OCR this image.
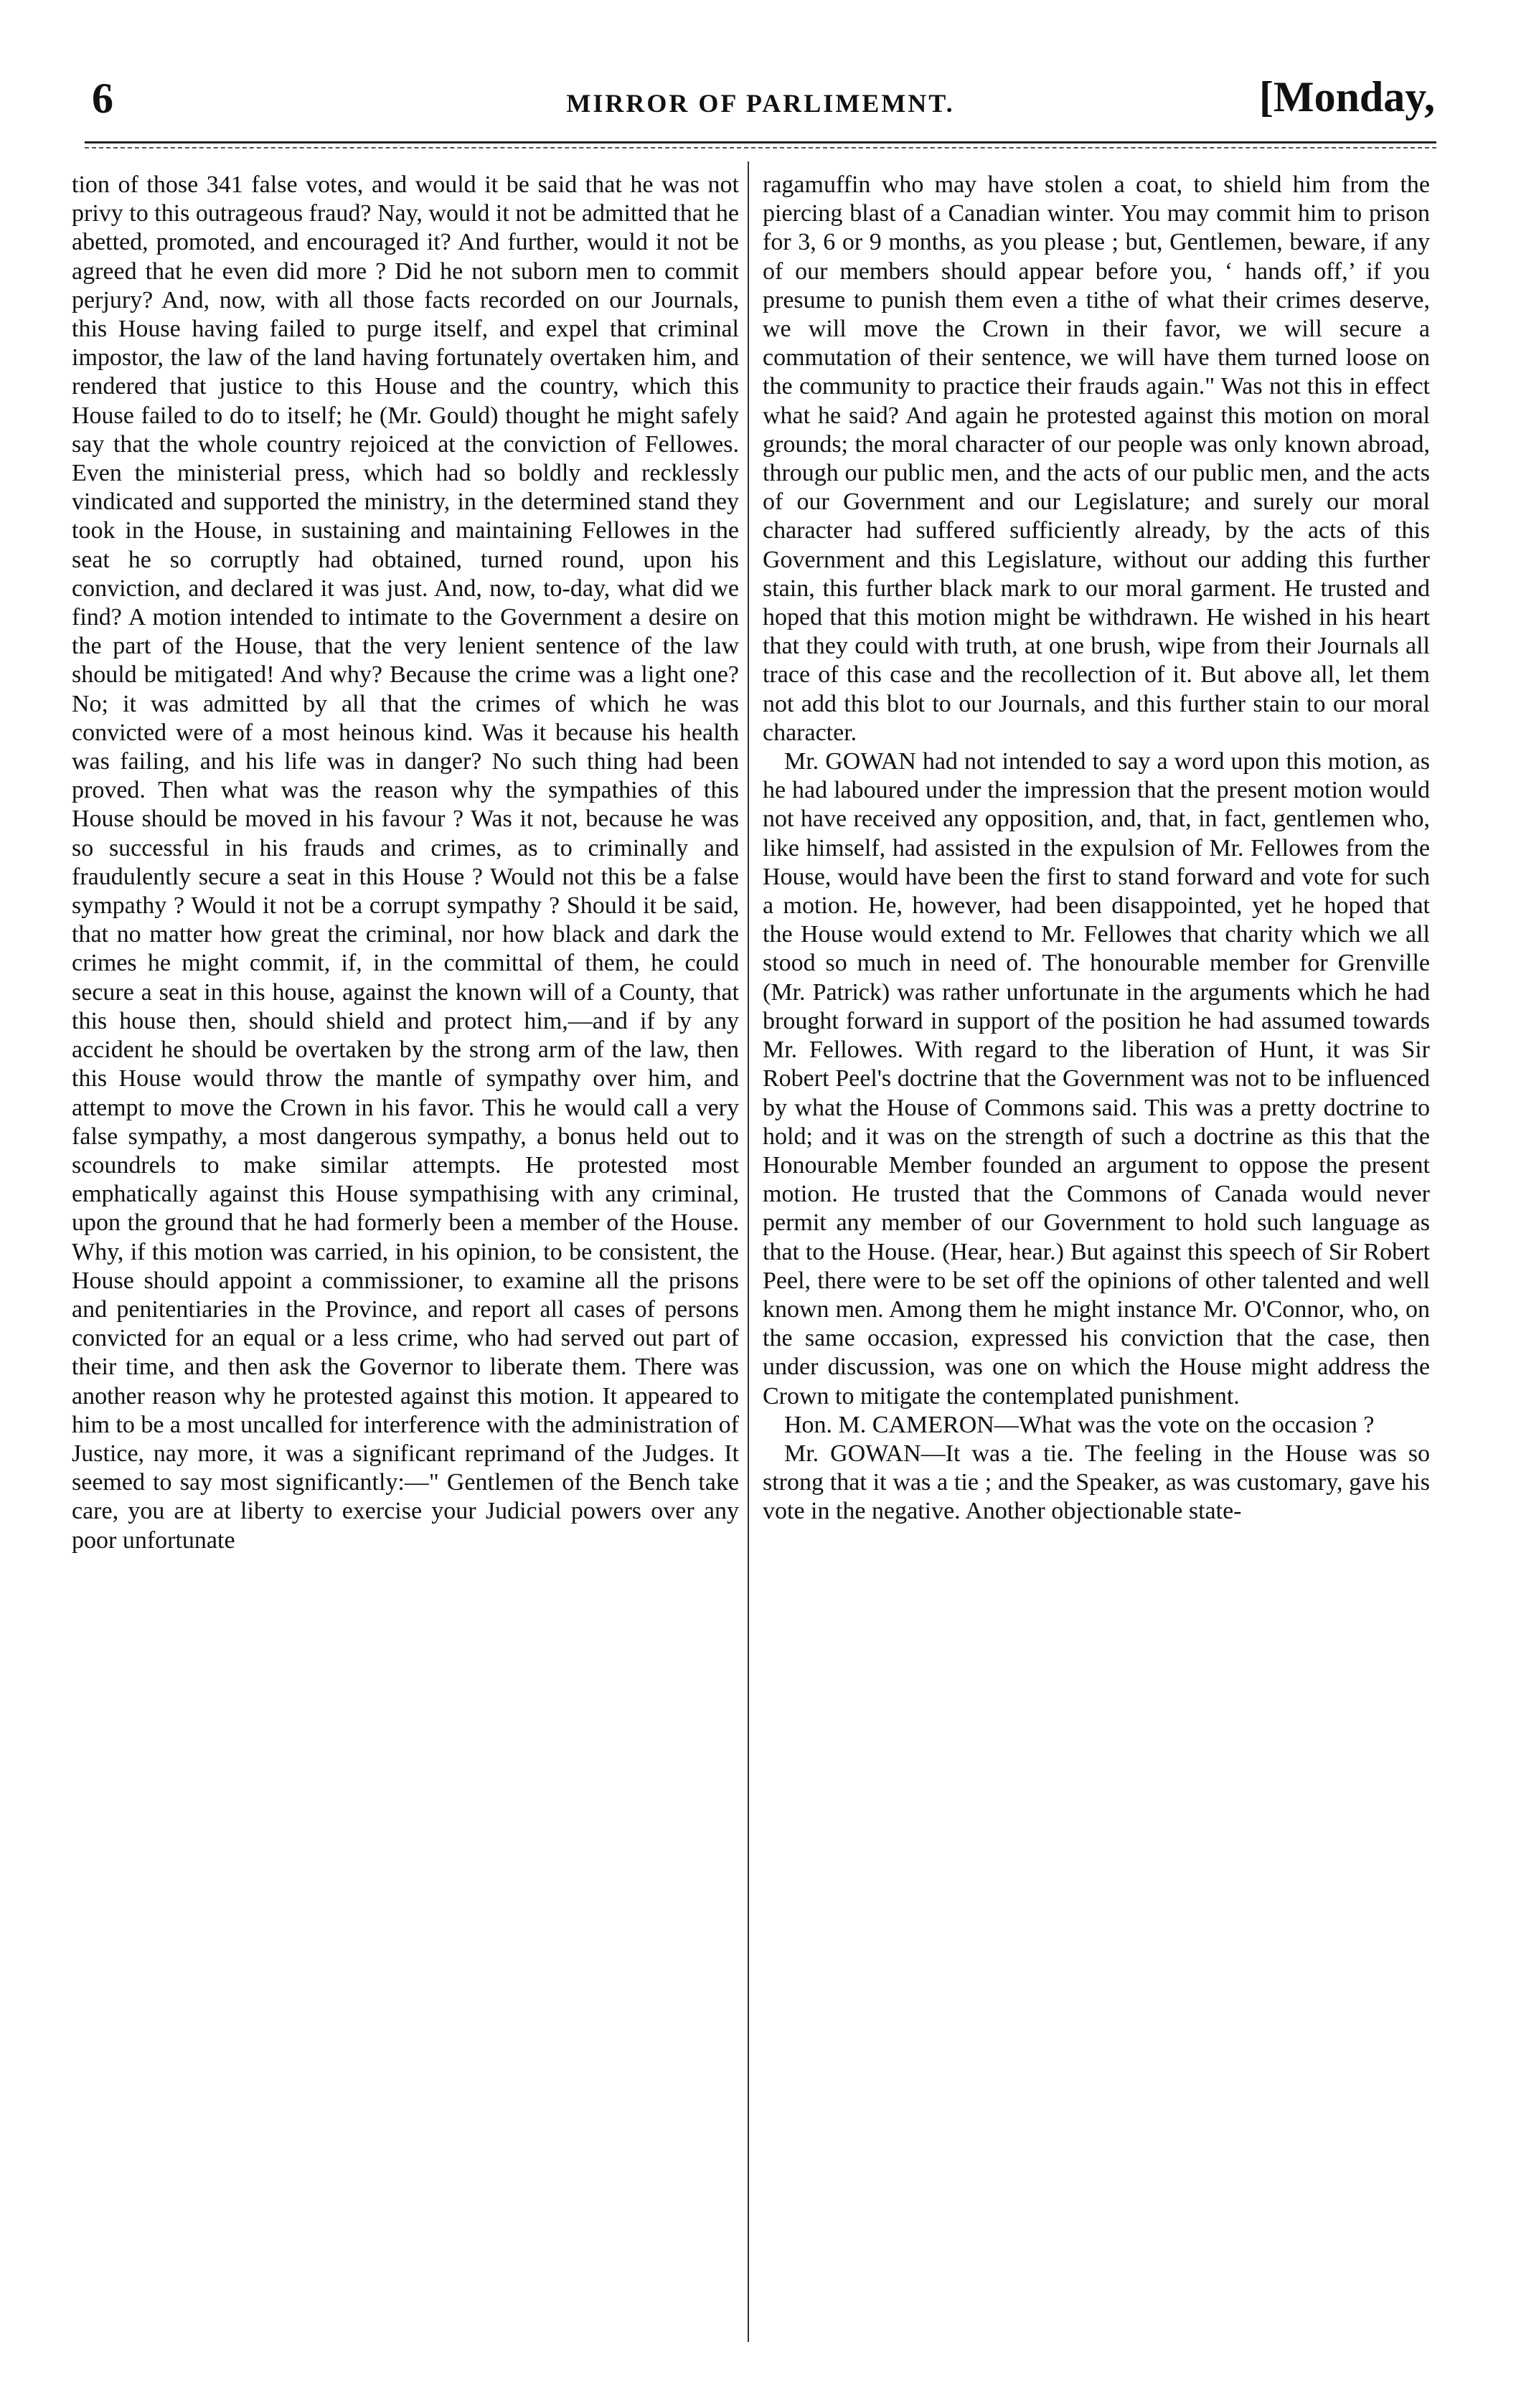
6	MIRROR OF PARLIMEMNT.	[Monday,

tion of those 341 false votes, and would it be said that he was not privy to this outrageous fraud? Nay, would it not be admitted that he abetted, promoted, and encouraged it? And further, would it not be agreed that he even did more ? Did he not suborn men to commit perjury? And, now, with all those facts recorded on our Journals, this House having failed to purge itself, and expel that criminal impostor, the law of the land having fortunately overtaken him, and rendered that justice to this House and the country, which this House failed to do to itself; he (Mr. Gould) thought he might safely say that the whole country rejoiced at the conviction of Fellowes. Even the ministerial press, which had so boldly and recklessly vindicated and supported the ministry, in the determined stand they took in the House, in sustaining and maintaining Fellowes in the seat he so corruptly had obtained, turned round, upon his conviction, and declared it was just. And, now, to-day, what did we find? A motion intended to intimate to the Government a desire on the part of the House, that the very lenient sentence of the law should be mitigated! And why? Because the crime was a light one? No; it was admitted by all that the crimes of which he was convicted were of a most heinous kind. Was it because his health was failing, and his life was in danger? No such thing had been proved. Then what was the reason why the sympathies of this House should be moved in his favour ? Was it not, because he was so successful in his frauds and crimes, as to criminally and fraudulently secure a seat in this House ? Would not this be a false sympathy ? Would it not be a corrupt sympathy ? Should it be said, that no matter how great the criminal, nor how black and dark the crimes he might commit, if, in the committal of them, he could secure a seat in this house, against the known will of a County, that this house then, should shield and protect him,—and if by any accident he should be overtaken by the strong arm of the law, then this House would throw the mantle of sympathy over him, and attempt to move the Crown in his favor. This he would call a very false sympathy, a most dangerous sympathy, a bonus held out to scoundrels to make similar attempts. He protested most emphatically against this House sympathising with any criminal, upon the ground that he had formerly been a member of the House. Why, if this motion was carried, in his opinion, to be consistent, the House should appoint a commissioner, to examine all the prisons and penitentiaries in the Province, and report all cases of persons convicted for an equal or a less crime, who had served out part of their time, and then ask the Governor to liberate them. There was another reason why he protested against this motion. It appeared to him to be a most uncalled for interference with the administration of Justice, nay more, it was a significant reprimand of the Judges. It seemed to say most significantly:—" Gentlemen of the Bench take care, you are at liberty to exercise your Judicial powers over any poor unfortunate

ragamuffin who may have stolen a coat, to shield him from the piercing blast of a Canadian winter. You may commit him to prison for 3, 6 or 9 months, as you please ; but, Gentlemen, beware, if any of our members should appear before you, ‘ hands off,’ if you presume to punish them even a tithe of what their crimes deserve, we will move the Crown in their favor, we will secure a commutation of their sentence, we will have them turned loose on the community to practice their frauds again." Was not this in effect what he said? And again he protested against this motion on moral grounds; the moral character of our people was only known abroad, through our public men, and the acts of our public men, and the acts of our Government and our Legislature; and surely our moral character had suffered sufficiently already, by the acts of this Government and this Legislature, without our adding this further stain, this further black mark to our moral garment. He trusted and hoped that this motion might be withdrawn. He wished in his heart that they could with truth, at one brush, wipe from their Journals all trace of this case and the recollection of it. But above all, let them not add this blot to our Journals, and this further stain to our moral character.

Mr. GOWAN had not intended to say a word upon this motion, as he had laboured under the impression that the present motion would not have received any opposition, and, that, in fact, gentlemen who, like himself, had assisted in the expulsion of Mr. Fellowes from the House, would have been the first to stand forward and vote for such a motion. He, however, had been disappointed, yet he hoped that the House would extend to Mr. Fellowes that charity which we all stood so much in need of. The honourable member for Grenville (Mr. Patrick) was rather unfortunate in the arguments which he had brought forward in support of the position he had assumed towards Mr. Fellowes. With regard to the liberation of Hunt, it was Sir Robert Peel's doctrine that the Government was not to be influenced by what the House of Commons said. This was a pretty doctrine to hold; and it was on the strength of such a doctrine as this that the Honourable Member founded an argument to oppose the present motion. He trusted that the Commons of Canada would never permit any member of our Government to hold such language as that to the House. (Hear, hear.) But against this speech of Sir Robert Peel, there were to be set off the opinions of other talented and well known men. Among them he might instance Mr. O'Connor, who, on the same occasion, expressed his conviction that the case, then under discussion, was one on which the House might address the Crown to mitigate the contemplated punishment.

Hon. M. CAMERON—What was the vote on the occasion ?

Mr. GOWAN—It was a tie. The feeling in the House was so strong that it was a tie ; and the Speaker, as was customary, gave his vote in the negative. Another objectionable state-
